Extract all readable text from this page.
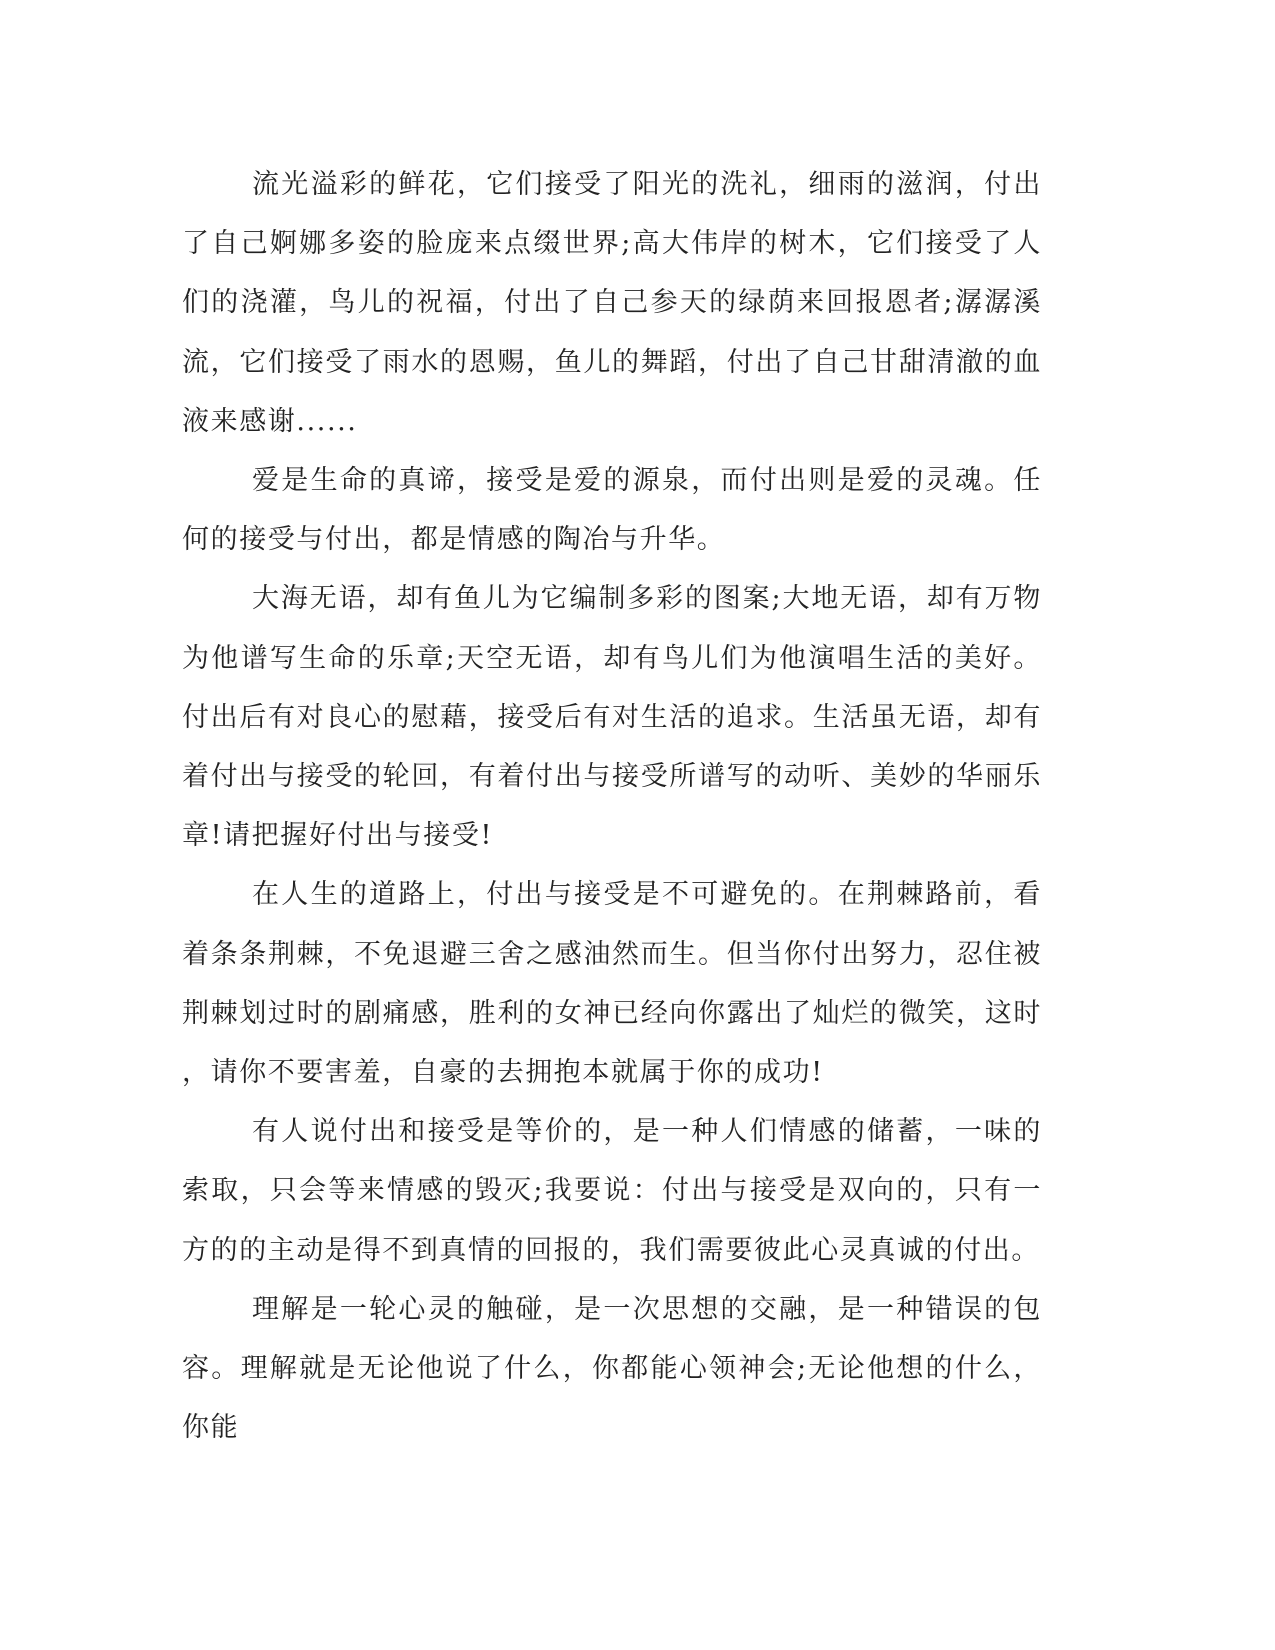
流光溢彩的鲜花，它们接受了阳光的洗礼，细雨的滋润，付出了自己婀娜多姿的脸庞来点缀世界;高大伟岸的树木，它们接受了人们的浇灌，鸟儿的祝福，付出了自己参天的绿荫来回报恩者;潺潺溪流，它们接受了雨水的恩赐，鱼儿的舞蹈，付出了自己甘甜清澈的血液来感谢......

爱是生命的真谛，接受是爱的源泉，而付出则是爱的灵魂。任何的接受与付出，都是情感的陶冶与升华。

大海无语，却有鱼儿为它编制多彩的图案;大地无语，却有万物为他谱写生命的乐章;天空无语，却有鸟儿们为他演唱生活的美好。付出后有对良心的慰藉，接受后有对生活的追求。生活虽无语，却有着付出与接受的轮回，有着付出与接受所谱写的动听、美妙的华丽乐章!请把握好付出与接受!

在人生的道路上，付出与接受是不可避免的。在荆棘路前，看着条条荆棘，不免退避三舍之感油然而生。但当你付出努力，忍住被荆棘划过时的剧痛感，胜利的女神已经向你露出了灿烂的微笑，这时，请你不要害羞，自豪的去拥抱本就属于你的成功!

有人说付出和接受是等价的，是一种人们情感的储蓄，一味的索取，只会等来情感的毁灭;我要说：付出与接受是双向的，只有一方的的主动是得不到真情的回报的，我们需要彼此心灵真诚的付出。

理解是一轮心灵的触碰，是一次思想的交融，是一种错误的包容。理解就是无论他说了什么，你都能心领神会;无论他想的什么，你能
